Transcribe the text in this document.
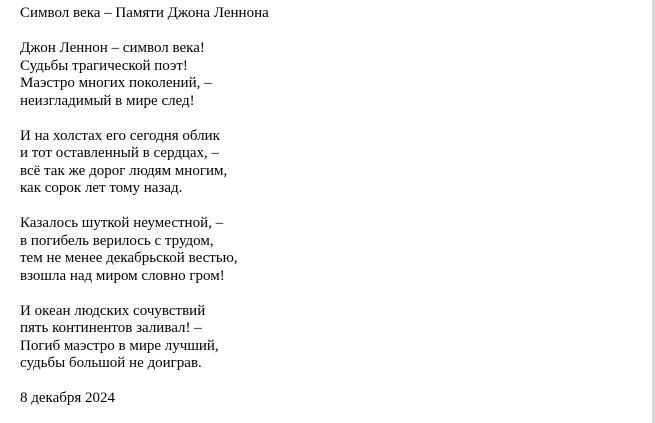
Символ века – Памяти Джона Леннона
Джон Леннон – символ века!
Судьбы трагической поэт!
Маэстро многих поколений, –
неизгладимый в мире след!
И на холстах его сегодня облик
и тот оставленный в сердцах, –
всё так же дорог людям многим,
как сорок лет тому назад.
Казалось шуткой неуместной, –
в погибель верилось с трудом,
тем не менее декабрьской вестью,
взошла над миром словно гром!
И океан людских сочувствий
пять континентов заливал! –
Погиб маэстро в мире лучший,
судьбы большой не доиграв.
8 декабря 2024
